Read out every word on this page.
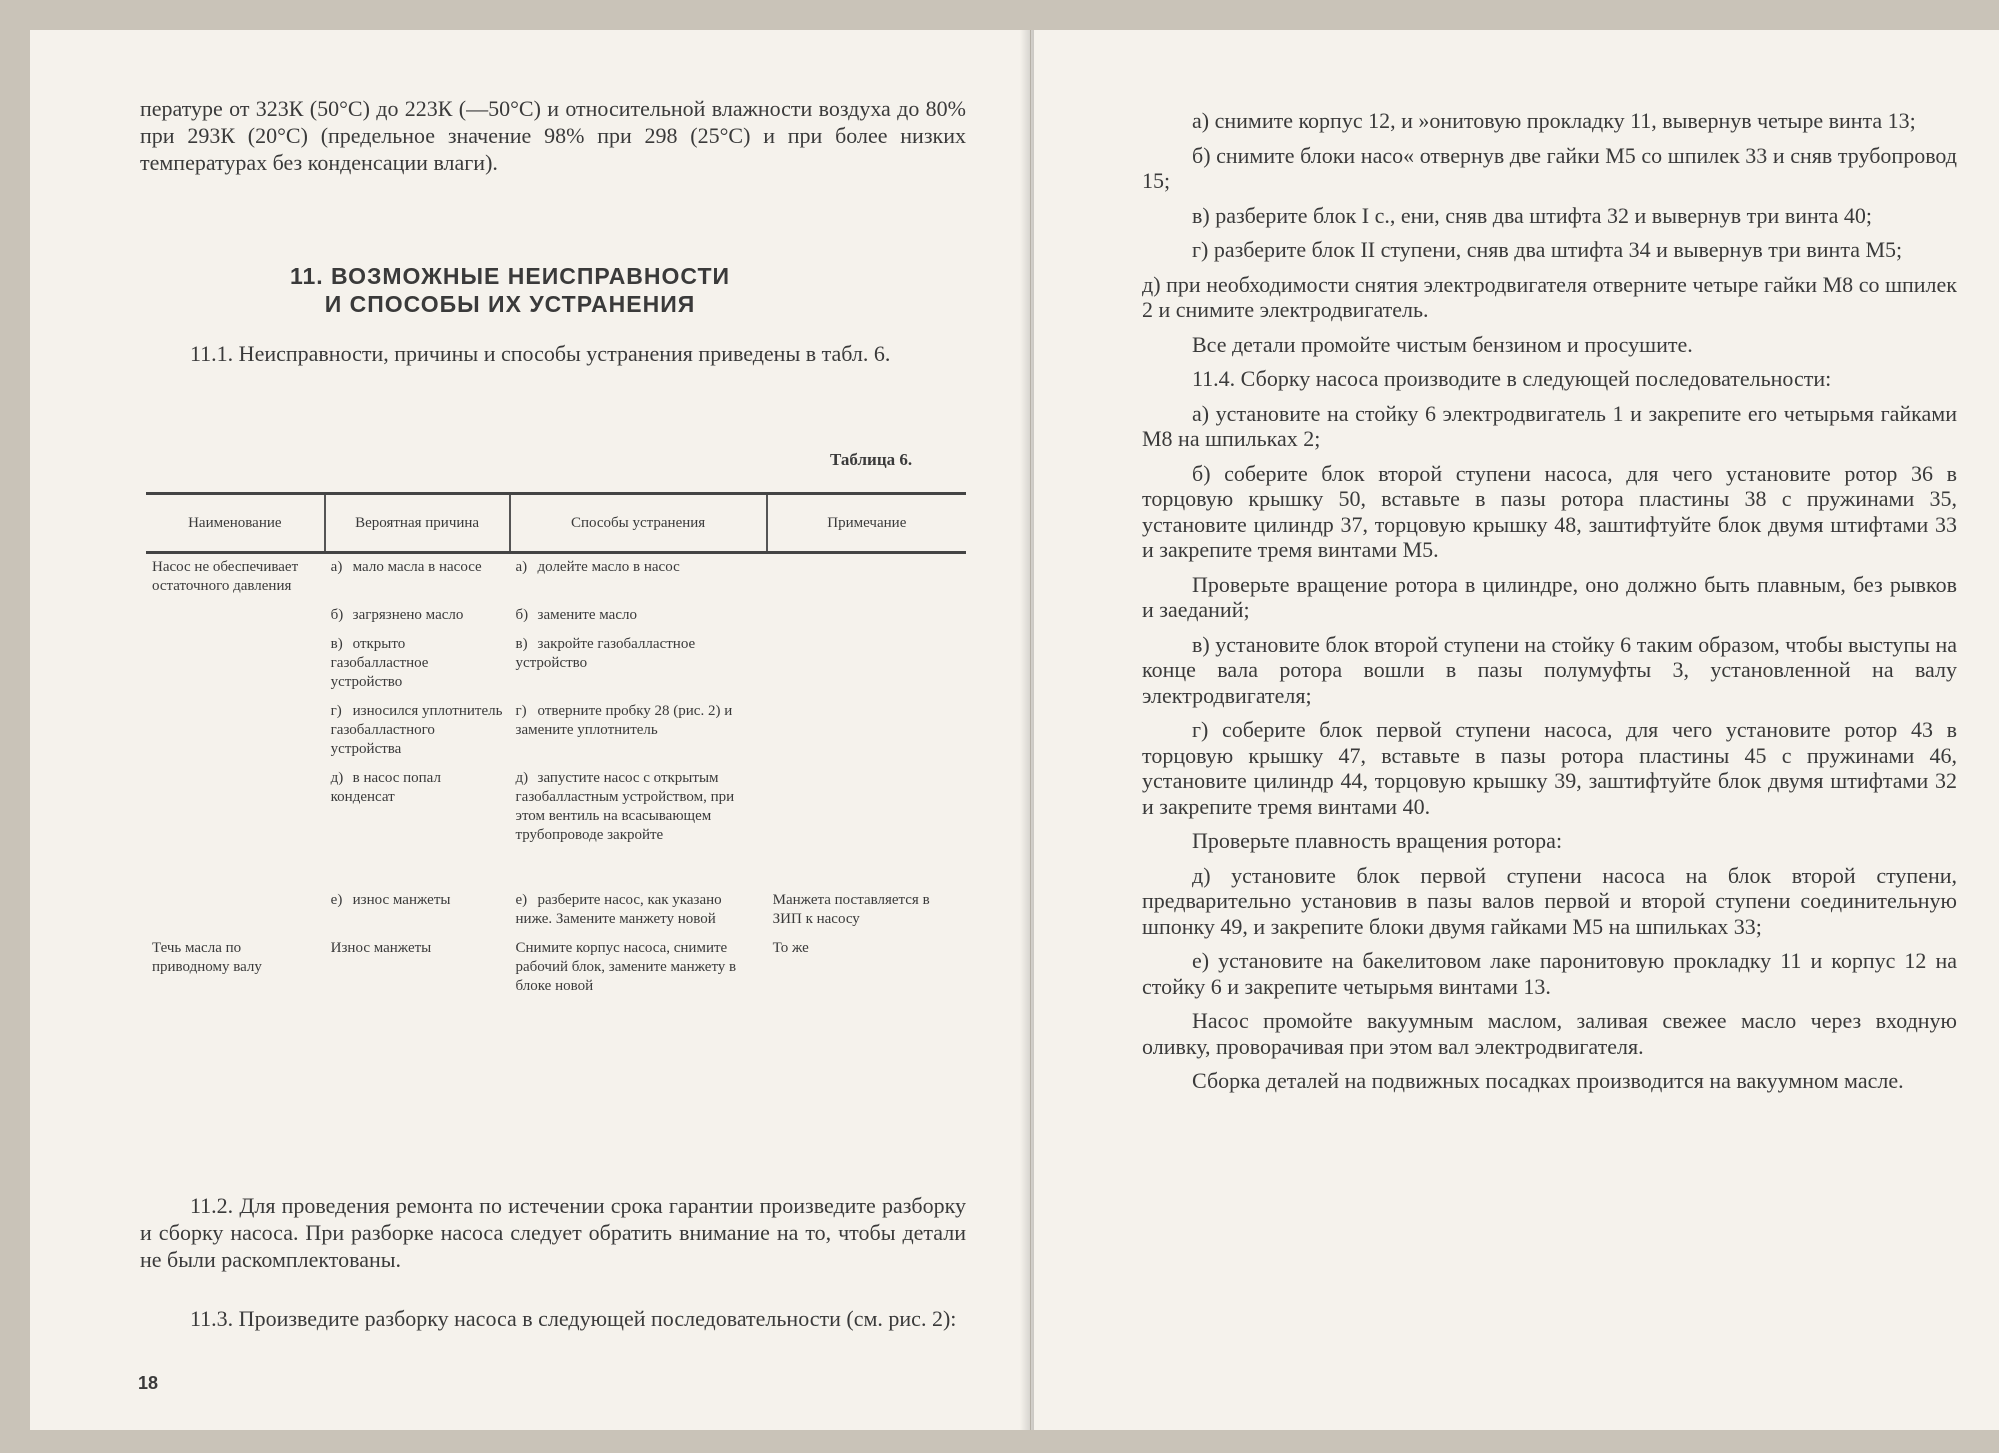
пературе от 323К (50°С) до 223К (—50°С) и относительной влажности воздуха до 80% при 293К (20°С) (предельное значение 98% при 298 (25°С) и при более низких температурах без конденсации влаги).

11. ВОЗМОЖНЫЕ НЕИСПРАВНОСТИ
И СПОСОБЫ ИХ УСТРАНЕНИЯ

11.1. Неисправности, причины и способы устранения приведены в табл. 6.

Таблица 6.
Наименование	Вероятная причина	Способы устранения	Примечание
Насос не обеспечивает остаточного давления	а) мало масла в насосе	а) долейте масло в насос	
	б) загрязнено масло	б) замените масло	
	в) открыто газобалластное устройство	в) закройте газобалластное устройство	
	г) износился уплотнитель газобалластного устройства	г) отверните пробку 28 (рис. 2) и замените уплотнитель	
	д) в насос попал конденсат	д) запустите насос с открытым газобалластным устройством, при этом вентиль на всасывающем трубопроводе закройте	
	е) износ манжеты	е) разберите насос, как указано ниже. Замените манжету новой	Манжета поставляется в ЗИП к насосу
Течь масла по приводному валу	Износ манжеты	Снимите корпус насоса, снимите рабочий блок, замените манжету в блоке новой	То же

11.2. Для проведения ремонта по истечении срока гарантии произведите разборку и сборку насоса. При разборке насоса следует обратить внимание на то, чтобы детали не были раскомплектованы.

11.3. Произведите разборку насоса в следующей последовательности (см. рис. 2):

18

а) снимите корпус 12, и »онитовую прокладку 11, вывернув четыре винта 13;

б) снимите блоки насо« отвернув две гайки М5 со шпилек 33 и сняв трубопровод 15;

в) разберите блок I с., ени, сняв два штифта 32 и вывернув три винта 40;

г) разберите блок II ступени, сняв два штифта 34 и вывернув три винта М5;

д) при необходимости снятия электродвигателя отверните четыре гайки М8 со шпилек 2 и снимите электродвигатель.

Все детали промойте чистым бензином и просушите.

11.4. Сборку насоса производите в следующей последовательности:

а) установите на стойку 6 электродвигатель 1 и закрепите его четырьмя гайками М8 на шпильках 2;

б) соберите блок второй ступени насоса, для чего установите ротор 36 в торцовую крышку 50, вставьте в пазы ротора пластины 38 с пружинами 35, установите цилиндр 37, торцовую крышку 48, заштифтуйте блок двумя штифтами 33 и закрепите тремя винтами М5.

Проверьте вращение ротора в цилиндре, оно должно быть плавным, без рывков и заеданий;

в) установите блок второй ступени на стойку 6 таким образом, чтобы выступы на конце вала ротора вошли в пазы полумуфты 3, установленной на валу электродвигателя;

г) соберите блок первой ступени насоса, для чего установите ротор 43 в торцовую крышку 47, вставьте в пазы ротора пластины 45 с пружинами 46, установите цилиндр 44, торцовую крышку 39, заштифтуйте блок двумя штифтами 32 и закрепите тремя винтами 40.

Проверьте плавность вращения ротора:

д) установите блок первой ступени насоса на блок второй ступени, предварительно установив в пазы валов первой и второй ступени соединительную шпонку 49, и закрепите блоки двумя гайками М5 на шпильках 33;

е) установите на бакелитовом лаке паронитовую прокладку 11 и корпус 12 на стойку 6 и закрепите четырьмя винтами 13.

Насос промойте вакуумным маслом, заливая свежее масло через входную оливку, проворачивая при этом вал электродвигателя.

Сборка деталей на подвижных посадках производится на вакуумном масле.
